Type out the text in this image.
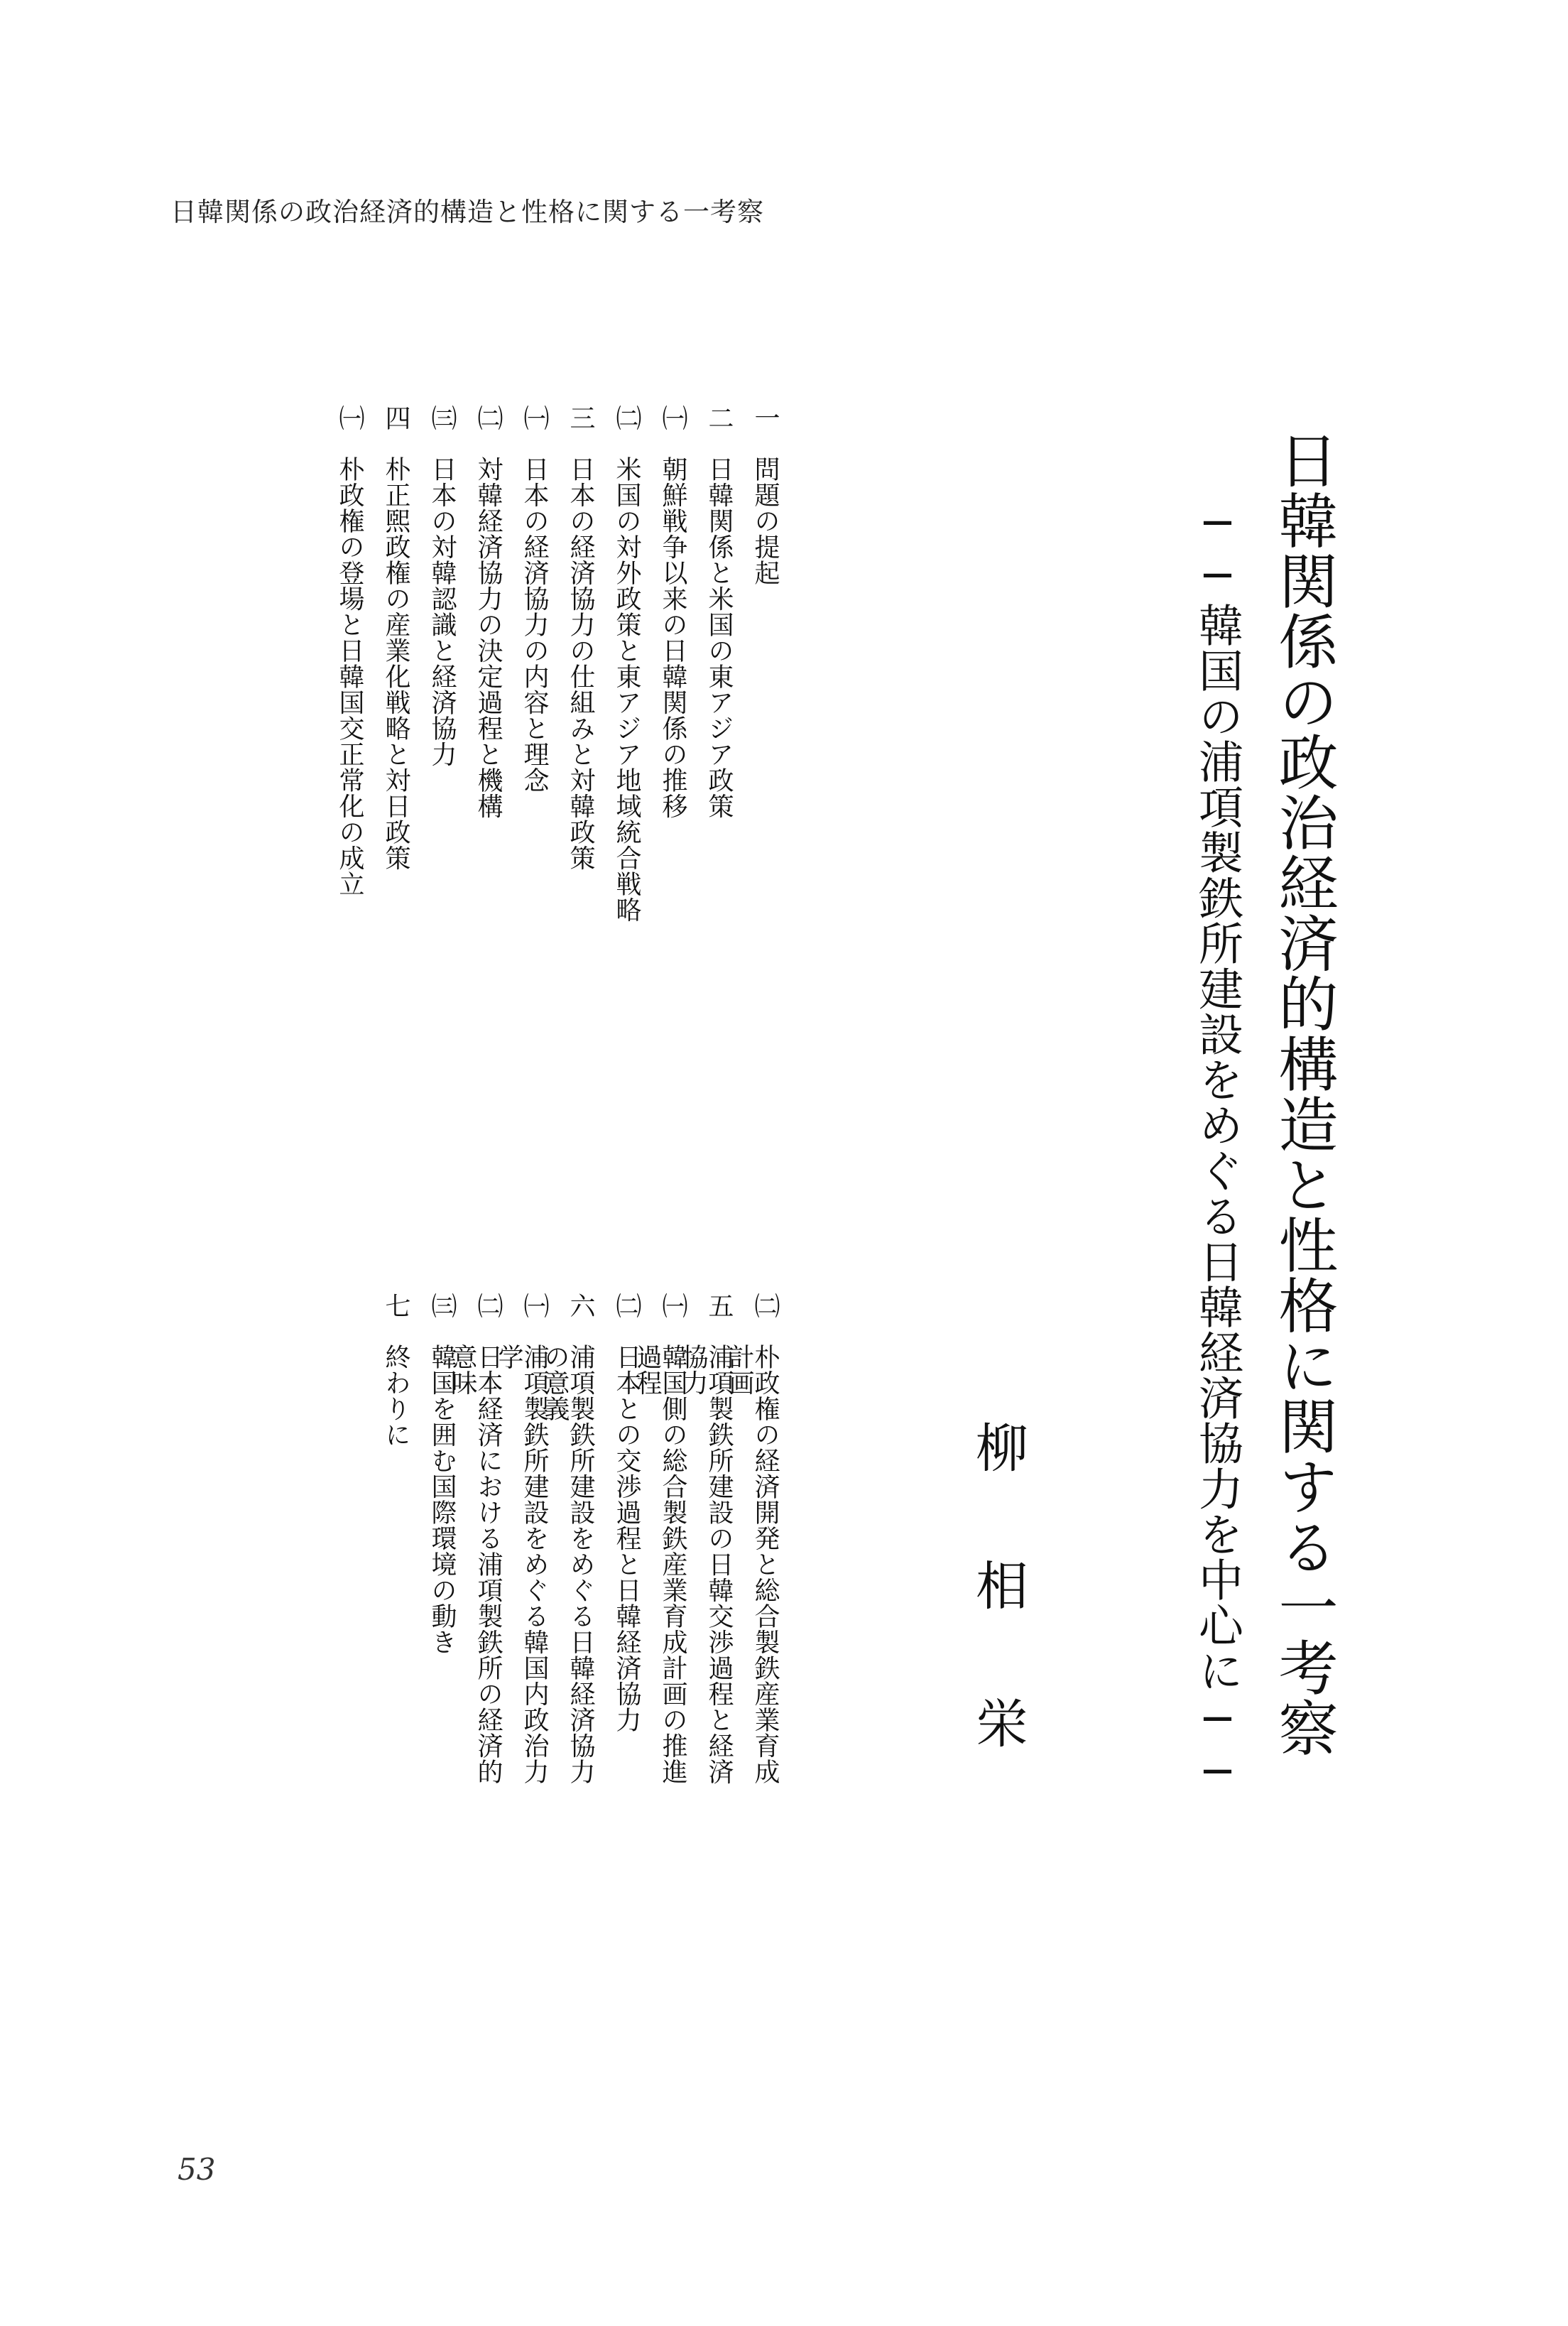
日韓関係の政治経済的構造と性格に関する一考察
日韓関係の政治経済的構造と性格に関する一考察
──韓国の浦項製鉄所建設をめぐる日韓経済協力を中心に──
柳相栄
一
問題の提起
二
日韓関係と米国の東アジア政策
㈠
朝鮮戦争以来の日韓関係の推移
㈡
米国の対外政策と東アジア地域統合戦略
三
日本の経済協力の仕組みと対韓政策
㈠
日本の経済協力の内容と理念
㈡
対韓経済協力の決定過程と機構
㈢
日本の対韓認識と経済協力
四
朴正煕政権の産業化戦略と対日政策
㈠
朴政権の登場と日韓国交正常化の成立
㈡
朴政権の経済開発と総合製鉄産業育成計画
五
浦項製鉄所建設の日韓交渉過程と経済協力
㈠
韓国側の総合製鉄産業育成計画の推進過程
㈡
日本との交渉過程と日韓経済協力
六
浦項製鉄所建設をめぐる日韓経済協力の意義
㈠
浦項製鉄所建設をめぐる韓国内政治力学
㈡
日本経済における浦項製鉄所の経済的意味
㈢
韓国を囲む国際環境の動き
七
終わりに
53
